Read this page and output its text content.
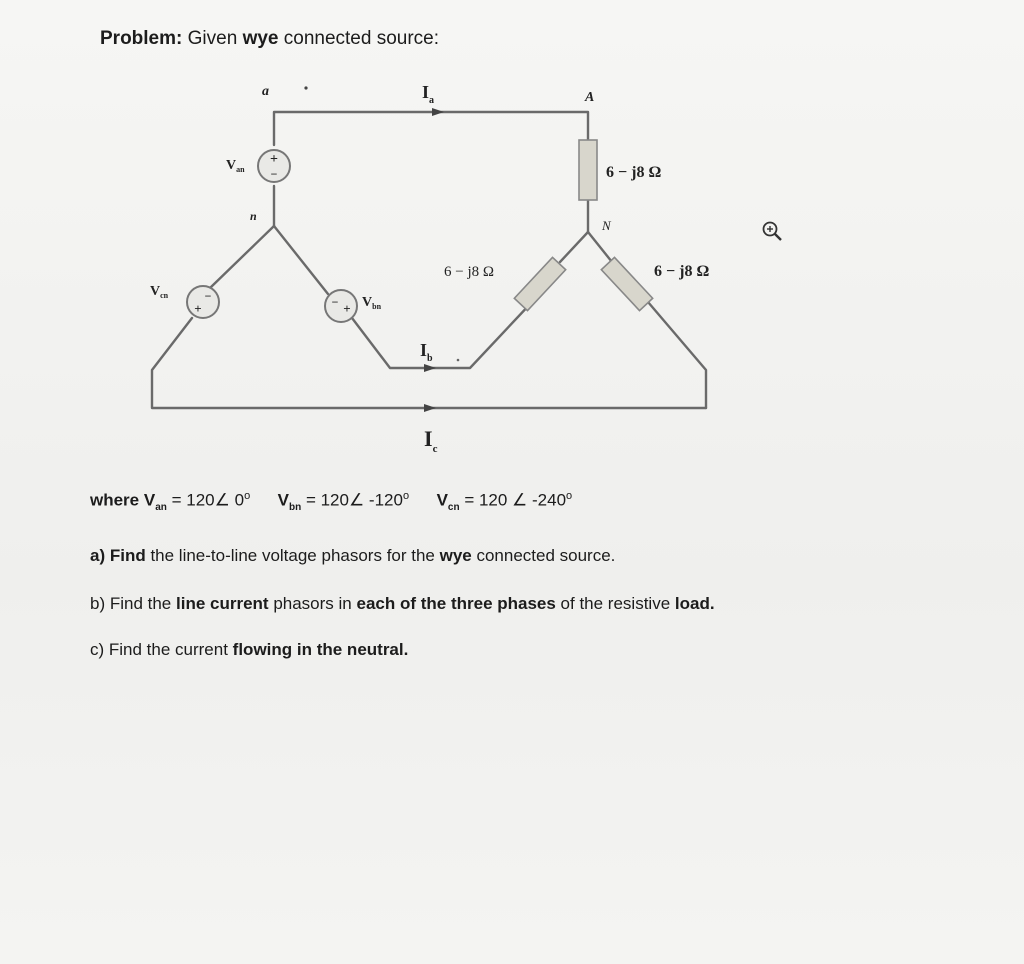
Problem: Given wye connected source:
+
−
− +
−
+
a	A
n
N
$I_a$
$I_b$
$I_c$
$V_{an}$
$V_{bn}$
$V_{cn}$
6 − j8 Ω
6 − j8 Ω	6 − j8 Ω
where $V_{an}$ = 120∠ 0$^o$ $V_{bn}$ = 120∠ -120$^o$ $V_{cn} = 120$ ∠ -240$^o$
a) Find the line-to-line voltage phasors for the wye connected source.
b) Find the line current phasors in each of the three phases of the resistive load.
c) Find the current flowing in the neutral.
